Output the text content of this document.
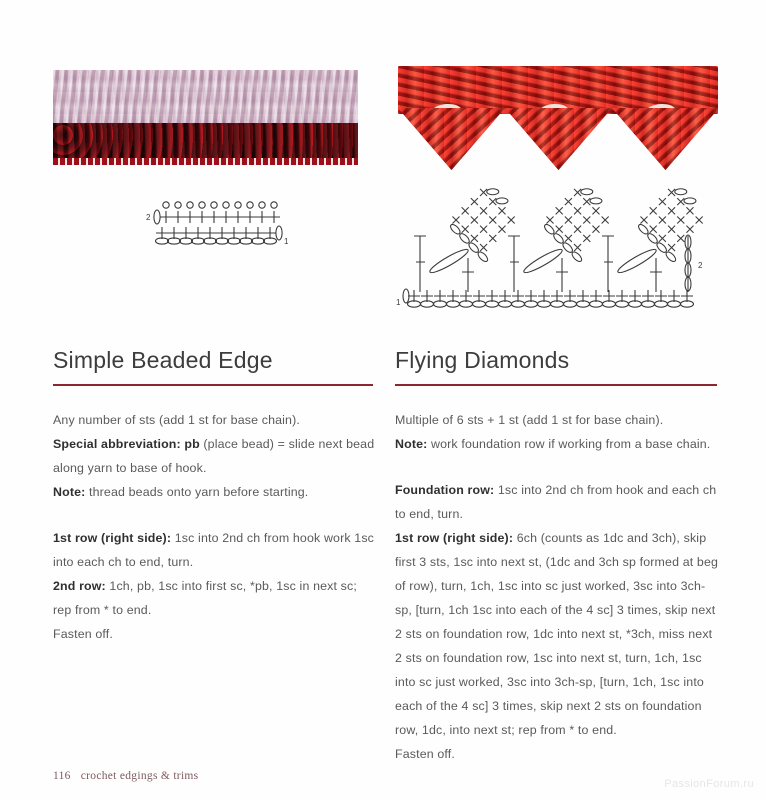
2
1
1
2
Simple Beaded Edge

Any number of sts (add 1 st for base chain).

Special abbreviation: pb (place bead) = slide next bead along yarn to base of hook.

Note: thread beads onto yarn before starting.

1st row (right side): 1sc into 2nd ch from hook work 1sc into each ch to end, turn.

2nd row: 1ch, pb, 1sc into first sc, *pb, 1sc in next sc; rep from * to end.

Fasten off.

Flying Diamonds

Multiple of 6 sts + 1 st (add 1 st for base chain).

Note: work foundation row if working from a base chain.

Foundation row: 1sc into 2nd ch from hook and each ch to end, turn.

1st row (right side): 6ch (counts as 1dc and 3ch), skip first 3 sts, 1sc into next st, (1dc and 3ch sp formed at beg of row), turn, 1ch, 1sc into sc just worked, 3sc into 3ch-sp, [turn, 1ch 1sc into each of the 4 sc] 3 times, skip next 2 sts on foundation row, 1dc into next st, *3ch, miss next 2 sts on foundation row, 1sc into next st, turn, 1ch, 1sc into sc just worked, 3sc into 3ch-sp, [turn, 1ch, 1sc into each of the 4 sc] 3 times, skip next 2 sts on foundation row, 1dc, into next st; rep from * to end.

Fasten off.

116 crochet edgings & trims
PassionForum.ru
